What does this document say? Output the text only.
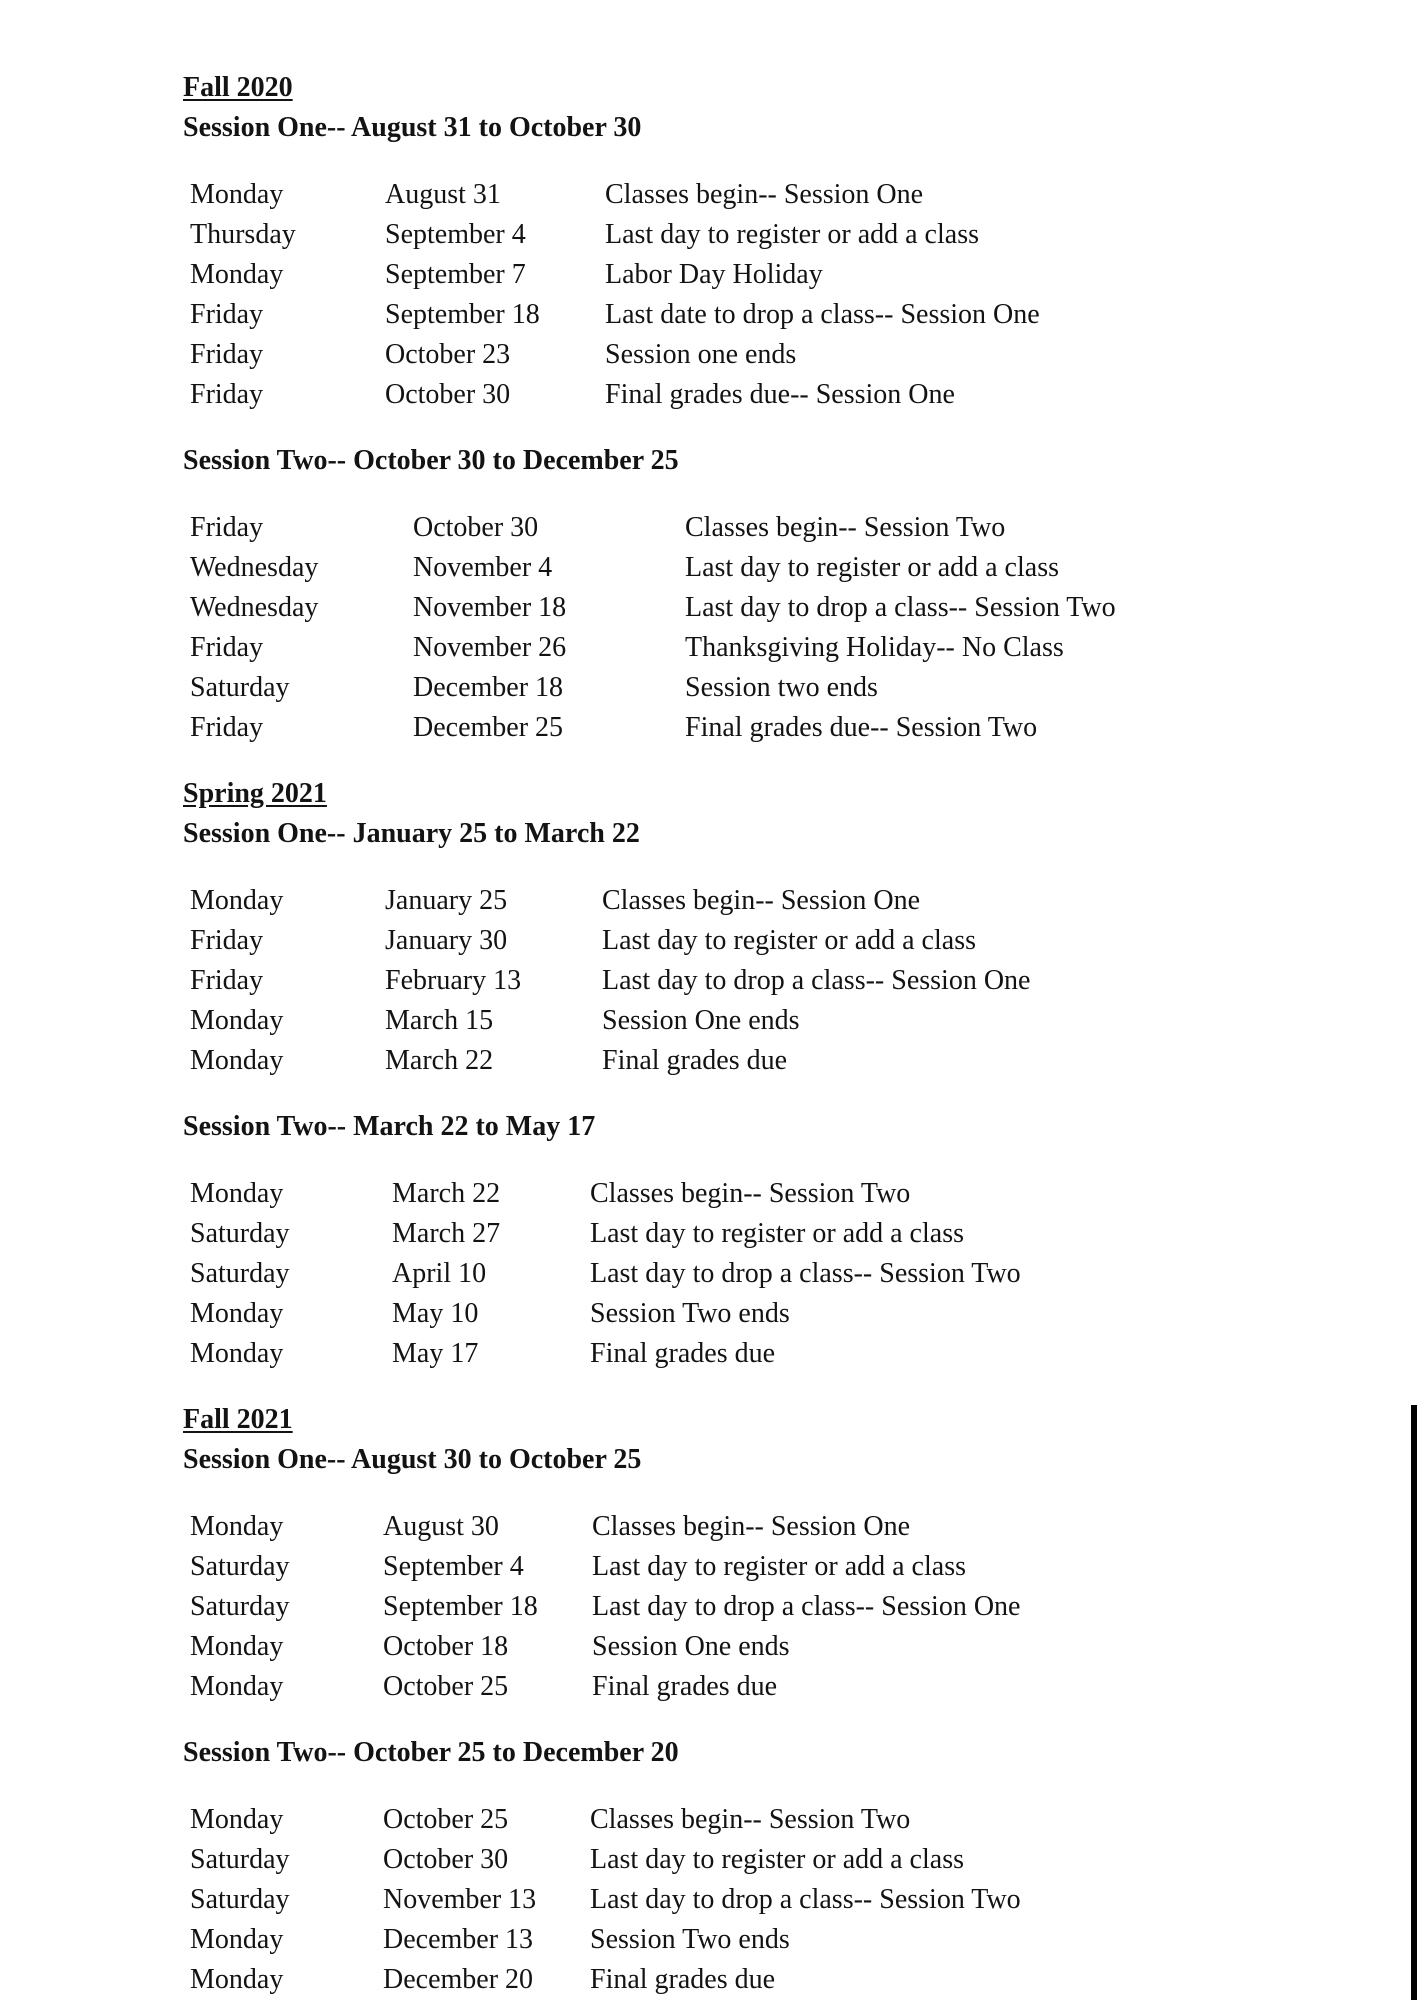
Fall 2020
Session One-- August 31 to October 30
Monday	August 31	Classes begin-- Session One
Thursday	September 4	Last day to register or add a class
Monday	September 7	Labor Day Holiday
Friday	September 18	Last date to drop a class-- Session One
Friday	October 23	Session one ends
Friday	October 30	Final grades due-- Session One
Session Two-- October 30 to December 25
Friday	October 30	Classes begin-- Session Two
Wednesday	November 4	Last day to register or add a class
Wednesday	November 18	Last day to drop a class-- Session Two
Friday	November 26	Thanksgiving Holiday-- No Class
Saturday	December 18	Session two ends
Friday	December 25	Final grades due-- Session Two
Spring 2021
Session One-- January 25 to March 22
Monday	January 25	Classes begin-- Session One
Friday	January 30	Last day to register or add a class
Friday	February 13	Last day to drop a class-- Session One
Monday	March 15	Session One ends
Monday	March 22	Final grades due
Session Two-- March 22 to May 17
Monday	March 22	Classes begin-- Session Two
Saturday	March 27	Last day to register or add a class
Saturday	April 10	Last day to drop a class-- Session Two
Monday	May 10	Session Two ends
Monday	May 17	Final grades due
Fall 2021
Session One-- August 30 to October 25
Monday	August 30	Classes begin-- Session One
Saturday	September 4	Last day to register or add a class
Saturday	September 18	Last day to drop a class-- Session One
Monday	October 18	Session One ends
Monday	October 25	Final grades due
Session Two-- October 25 to December 20
Monday	October 25	Classes begin-- Session Two
Saturday	October 30	Last day to register or add a class
Saturday	November 13	Last day to drop a class-- Session Two
Monday	December 13	Session Two ends
Monday	December 20	Final grades due
